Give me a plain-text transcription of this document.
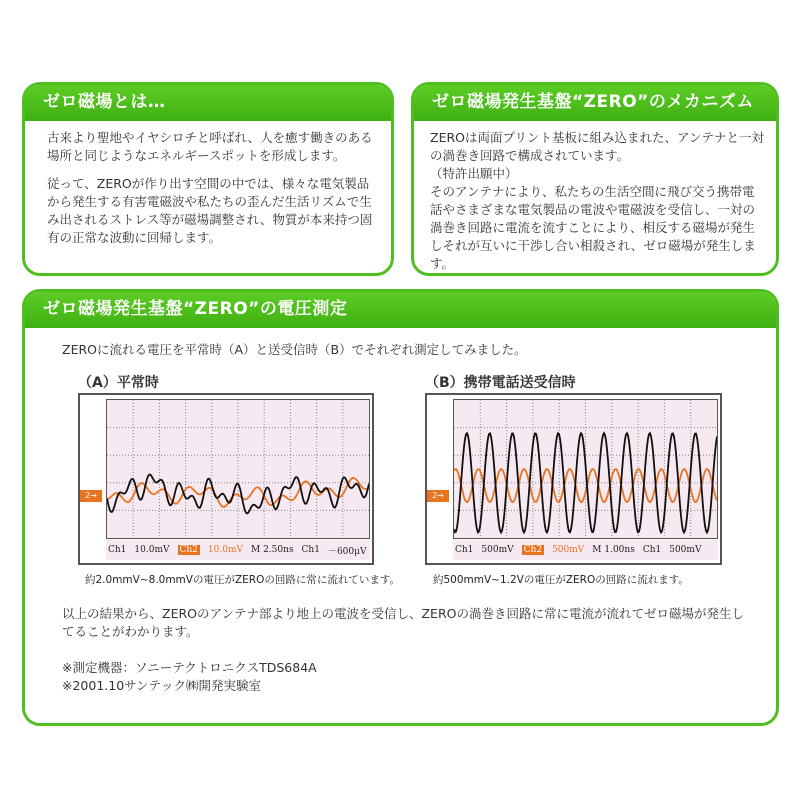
ゼロ磁場とは…

古来より聖地やイヤシロチと呼ばれ、人を癒す働きのある場所と同じようなエネルギースポットを形成します。

従って、ZEROが作り出す空間の中では、様々な電気製品から発生する有害電磁波や私たちの歪んだ生活リズムで生み出されるストレス等が磁場調整され、物質が本来持つ固有の正常な波動に回帰します。

ゼロ磁場発生基盤“ZERO”のメカニズム
ZEROは両面プリント基板に組み込まれた、アンテナと一対の渦巻き回路で構成されています。
（特許出願中）
そのアンテナにより、私たちの生活空間に飛び交う携帯電話やさまざまな電気製品の電波や電磁波を受信し、一対の渦巻き回路に電流を流すことにより、相反する磁場が発生しそれが互いに干渉し合い相殺され、ゼロ磁場が発生します。
ゼロ磁場発生基盤“ZERO”の電圧測定
ZEROに流れる電圧を平常時（A）と送受信時（B）でそれぞれ測定してみました。
（A）平常時	（B）携帯電話送受信時
2→
Ch1 10.0mV Ch2 10.0mV M 2.50ns Ch1 －600μV
2→
Ch1 500mV Ch2 500mV M 1.00ns Ch1 500mV
約2.0mmV~8.0mmVの電圧がZEROの回路に常に流れています。	約500mmV~1.2Vの電圧がZEROの回路に流れます。
以上の結果から、ZEROのアンテナ部より地上の電波を受信し、ZEROの渦巻き回路に常に電流が流れてゼロ磁場が発生してることがわかります。
※測定機器：ソニーテクトロニクスTDS684A
※2001.10サンテック㈱開発実験室
